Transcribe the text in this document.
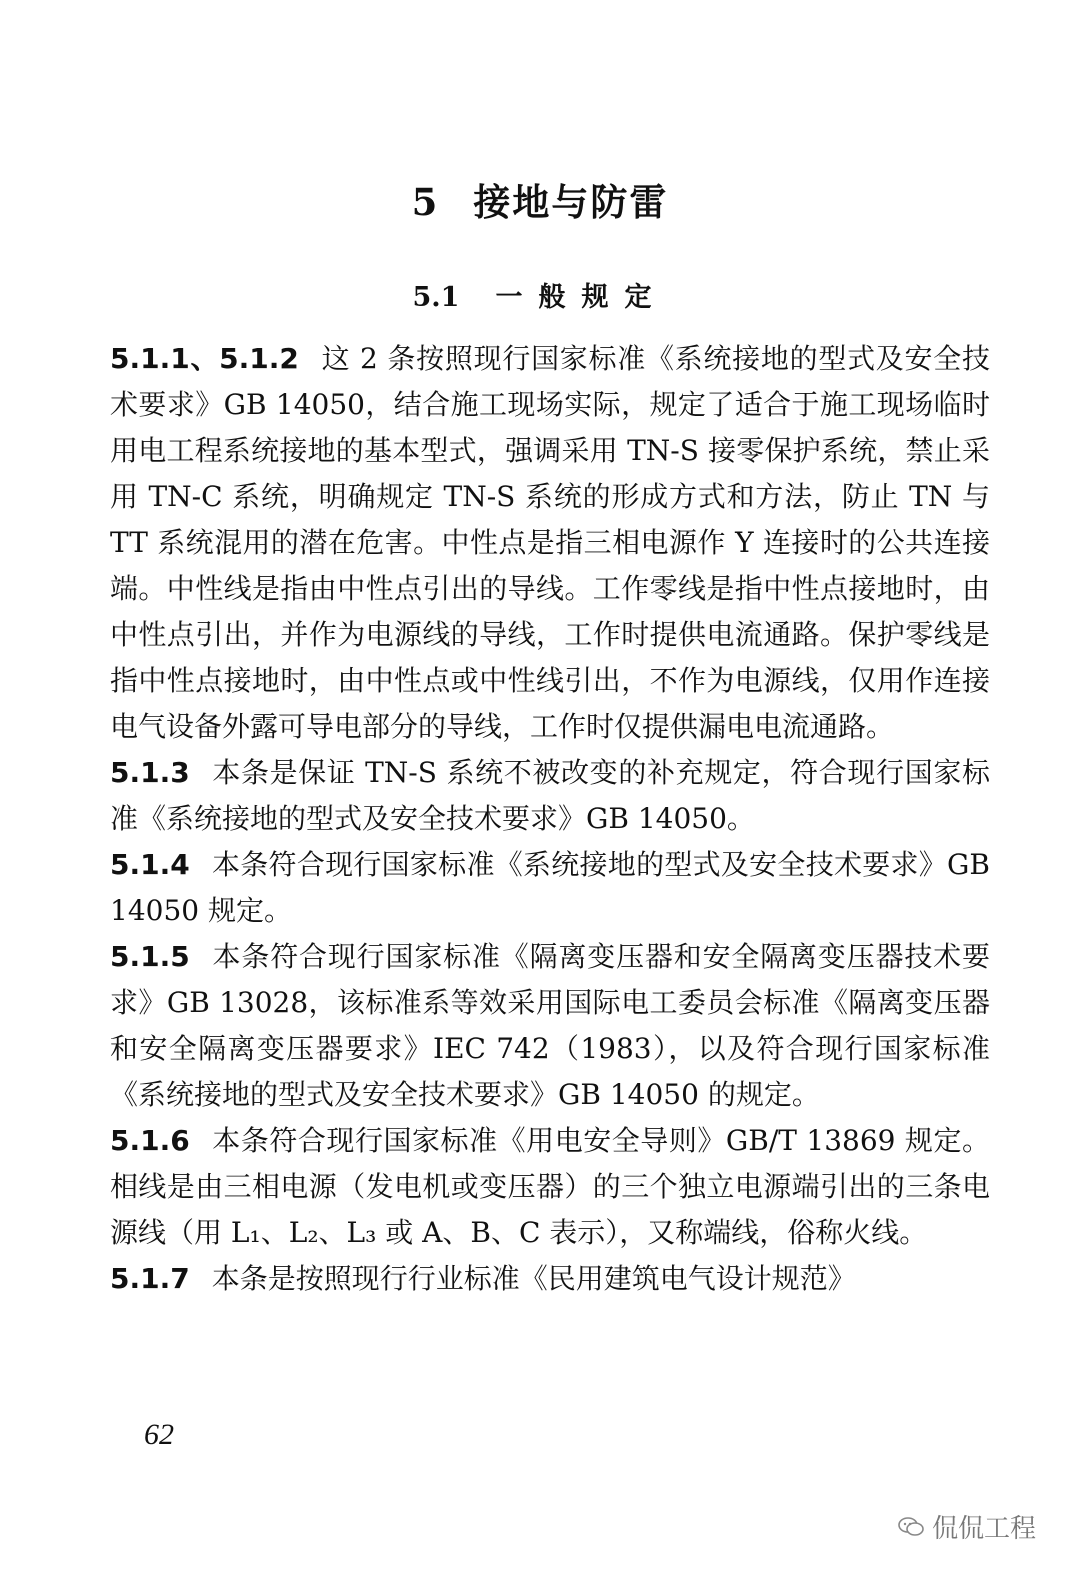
5 接地与防雷
5.1 一般规定

5.1.1、5.1.2 这 2 条按照现行国家标准《系统接地的型式及安全技术要求》GB 14050，结合施工现场实际，规定了适合于施工现场临时用电工程系统接地的基本型式，强调采用 TN-S 接零保护系统，禁止采用 TN-C 系统，明确规定 TN-S 系统的形成方式和方法，防止 TN 与 TT 系统混用的潜在危害。中性点是指三相电源作 Y 连接时的公共连接端。中性线是指由中性点引出的导线。工作零线是指中性点接地时，由中性点引出，并作为电源线的导线，工作时提供电流通路。保护零线是指中性点接地时，由中性点或中性线引出，不作为电源线，仅用作连接电气设备外露可导电部分的导线，工作时仅提供漏电电流通路。

5.1.3 本条是保证 TN-S 系统不被改变的补充规定，符合现行国家标准《系统接地的型式及安全技术要求》GB 14050。

5.1.4 本条符合现行国家标准《系统接地的型式及安全技术要求》GB 14050 规定。

5.1.5 本条符合现行国家标准《隔离变压器和安全隔离变压器技术要求》GB 13028，该标准系等效采用国际电工委员会标准《隔离变压器和安全隔离变压器要求》IEC 742（1983），以及符合现行国家标准《系统接地的型式及安全技术要求》GB 14050 的规定。

5.1.6 本条符合现行国家标准《用电安全导则》GB/T 13869 规定。相线是由三相电源（发电机或变压器）的三个独立电源端引出的三条电源线（用 L₁、L₂、L₃ 或 A、B、C 表示），又称端线，俗称火线。

5.1.7 本条是按照现行行业标准《民用建筑电气设计规范》

62
侃侃工程
